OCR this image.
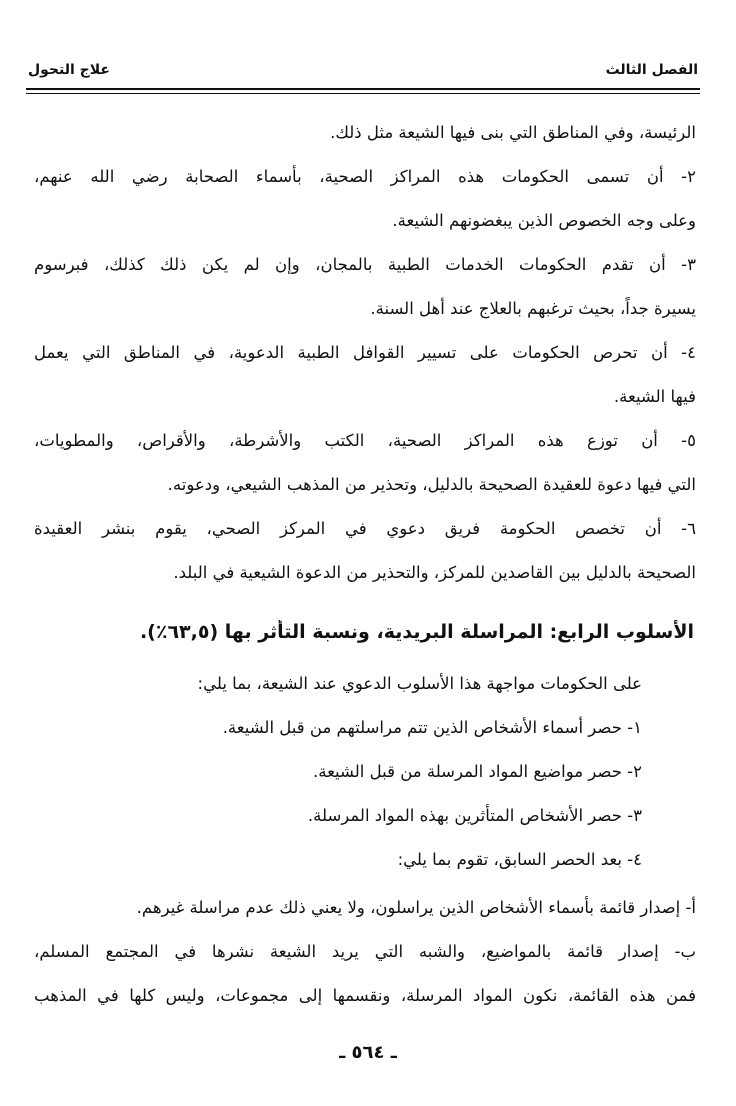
الفصل الثالث
علاج التحول
الرئيسة، وفي المناطق التي بنى فيها الشيعة مثل ذلك.
٢- أن تسمى الحكومات هذه المراكز الصحية، بأسماء الصحابة رضي الله عنهم،
وعلى وجه الخصوص الذين يبغضونهم الشيعة.
٣- أن تقدم الحكومات الخدمات الطبية بالمجان، وإن لم يكن ذلك كذلك، فبرسوم
يسيرة جداً، بحيث ترغبهم بالعلاج عند أهل السنة.
٤- أن تحرص الحكومات على تسيير القوافل الطبية الدعوية، في المناطق التي يعمل
فيها الشيعة.
٥- أن توزع هذه المراكز الصحية، الكتب والأشرطة، والأقراص، والمطويات،
التي فيها دعوة للعقيدة الصحيحة بالدليل، وتحذير من المذهب الشيعي، ودعوته.
٦- أن تخصص الحكومة فريق دعوي في المركز الصحي، يقوم بنشر العقيدة
الصحيحة بالدليل بين القاصدين للمركز، والتحذير من الدعوة الشيعية في البلد.
الأسلوب الرابع: المراسلة البريدية، ونسبة التأثر بها (٦٣,٥٪).
على الحكومات مواجهة هذا الأسلوب الدعوي عند الشيعة، بما يلي:
١- حصر أسماء الأشخاص الذين تتم مراسلتهم من قبل الشيعة.
٢- حصر مواضيع المواد المرسلة من قبل الشيعة.
٣- حصر الأشخاص المتأثرين بهذه المواد المرسلة.
٤- بعد الحصر السابق، تقوم بما يلي:
أ- إصدار قائمة بأسماء الأشخاص الذين يراسلون، ولا يعني ذلك عدم مراسلة غيرهم.
ب- إصدار قائمة بالمواضيع، والشبه التي يريد الشيعة نشرها في المجتمع المسلم،
فمن هذه القائمة، نكون المواد المرسلة، ونقسمها إلى مجموعات، وليس كلها في المذهب
ـ ٥٦٤ ـ
